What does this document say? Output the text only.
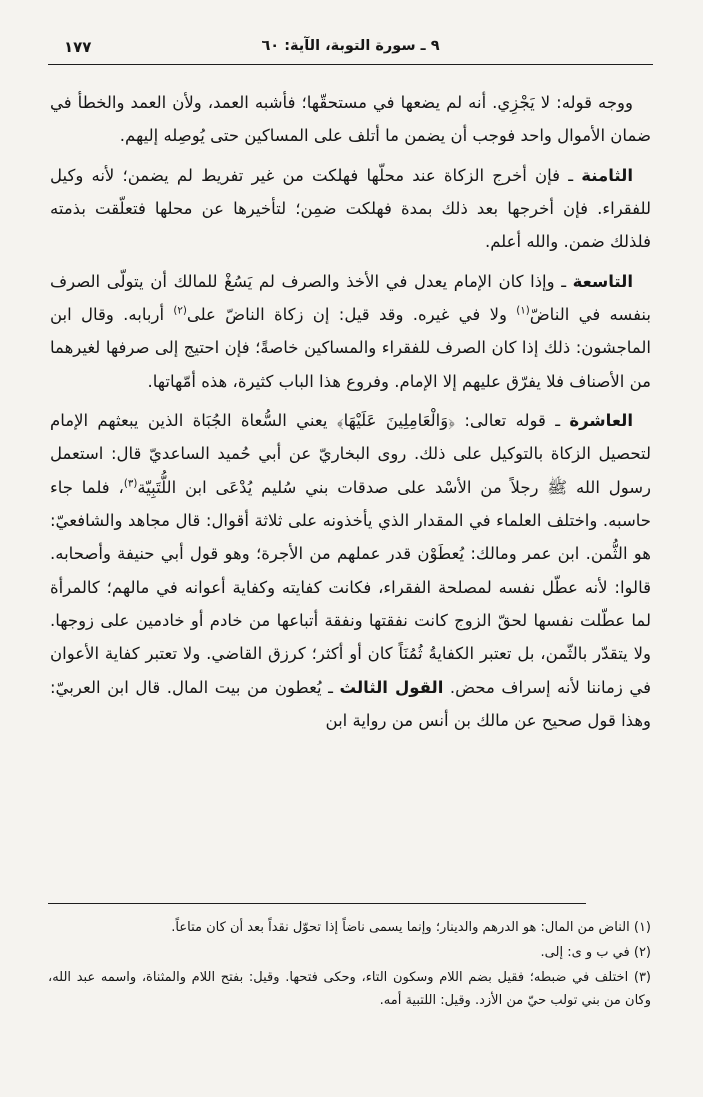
٩ ـ سورة التوبة، الآية: ٦٠
١٧٧

ووجه قوله: لا يَجْزِي. أنه لم يضعها في مستحقّها؛ فأشبه العمد، ولأن العمد والخطأ في ضمان الأموال واحد فوجب أن يضمن ما أتلف على المساكين حتى يُوصِله إليهم.

الثامنة ـ فإن أخرج الزكاة عند محلّها فهلكت من غير تفريط لم يضمن؛ لأنه وكيل للفقراء. فإن أخرجها بعد ذلك بمدة فهلكت ضمِن؛ لتأخيرها عن محلها فتعلّقت بذمته فلذلك ضمن. والله أعلم.

التاسعة ـ وإذا كان الإمام يعدل في الأخذ والصرف لم يَسُغْ للمالك أن يتولّى الصرف بنفسه في الناضّ$^{(١)}$ ولا في غيره. وقد قيل: إن زكاة الناضّ على$^{(٢)}$ أربابه. وقال ابن الماجشون: ذلك إذا كان الصرف للفقراء والمساكين خاصةً؛ فإن احتيج إلى صرفها لغيرهما من الأصناف فلا يفرّق عليهم إلا الإمام. وفروع هذا الباب كثيرة، هذه أمّهاتها.

العاشرة ـ قوله تعالى: ﴿وَالْعَامِلِينَ عَلَيْهَا﴾ يعني السُّعاة الجُبَاة الذين يبعثهم الإمام لتحصيل الزكاة بالتوكيل على ذلك. روى البخاريّ عن أبي حُميد الساعديّ قال: استعمل رسول الله ﷺ رجلاً من الأسْد على صدقات بني سُليم يُدْعَى ابن اللُّتَبِيّة$^{(٣)}$، فلما جاء حاسبه. واختلف العلماء في المقدار الذي يأخذونه على ثلاثة أقوال: قال مجاهد والشافعيّ: هو الثُّمن. ابن عمر ومالك: يُعطَوْن قدر عملهم من الأجرة؛ وهو قول أبي حنيفة وأصحابه. قالوا: لأنه عطّل نفسه لمصلحة الفقراء، فكانت كفايته وكفاية أعوانه في مالهم؛ كالمرأة لما عطّلت نفسها لحقّ الزوج كانت نفقتها ونفقة أتباعها من خادم أو خادمين على زوجها. ولا يتقدّر بالثّمن، بل تعتبر الكفايةُ ثُمُنَاً كان أو أكثر؛ كرزق القاضي. ولا تعتبر كفاية الأعوان في زماننا لأنه إسراف محض. القول الثالث ـ يُعطون من بيت المال. قال ابن العربيّ: وهذا قول صحيح عن مالك بن أنس من رواية ابن

(١) الناض من المال: هو الدرهم والدينار؛ وإنما يسمى ناضاً إذا تحوّل نقداً بعد أن كان متاعاً.

(٢) في ب و ى: إلى.

(٣) اختلف في ضبطه؛ فقيل بضم اللام وسكون التاء، وحكى فتحها. وقيل: بفتح اللام والمثناة، واسمه عبد الله، وكان من بني تولب حيّ من الأزد. وقيل: اللتبية أمه.
